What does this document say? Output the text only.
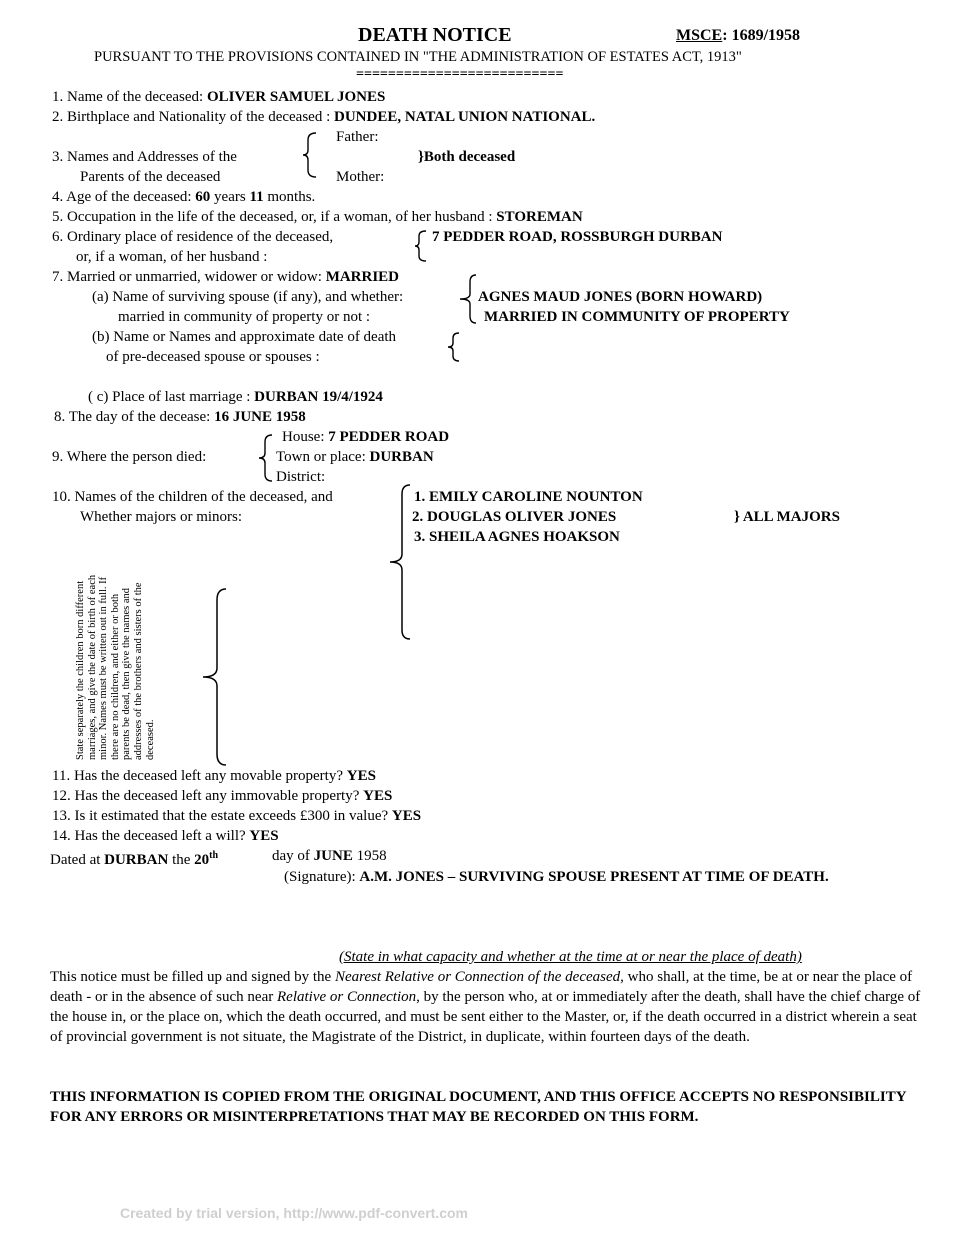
DEATH NOTICE	MSCE: 1689/1958
PURSUANT TO THE PROVISIONS CONTAINED IN "THE ADMINISTRATION OF ESTATES ACT, 1913"
==========================
1. Name of the deceased: OLIVER SAMUEL JONES
2. Birthplace and Nationality of the deceased : DUNDEE, NATAL UNION NATIONAL.
Father:
3. Names and Addresses of the	}Both deceased
Parents of the deceased	Mother:
4. Age of the deceased: 60 years 11 months.
5. Occupation in the life of the deceased, or, if a woman, of her husband : STOREMAN
6. Ordinary place of residence of the deceased,
or, if a woman, of her husband :
7 PEDDER ROAD, ROSSBURGH DURBAN
7. Married or unmarried, widower or widow: MARRIED
(a) Name of surviving spouse (if any), and whether:
married in community of property or not :
AGNES MAUD JONES (BORN HOWARD)
MARRIED IN COMMUNITY OF PROPERTY
(b) Name or Names and approximate date of death
of pre-deceased spouse or spouses :
( c) Place of last marriage : DURBAN 19/4/1924
8. The day of the decease: 16 JUNE 1958
House: 7 PEDDER ROAD
9. Where the person died:	Town or place: DURBAN
District:
10. Names of the children of the deceased, and
Whether majors or minors:
1. EMILY CAROLINE NOUNTON
2. DOUGLAS OLIVER JONES	} ALL MAJORS
3. SHEILA AGNES HOAKSON
State separately the children born different marriages, and give the date of birth of each minor. Names must be written out in full. If there are no children, and either or both parents be dead, then give the names and addresses of the brothers and sisters of the deceased.
11. Has the deceased left any movable property? YES
12. Has the deceased left any immovable property? YES
13. Is it estimated that the estate exceeds £300 in value? YES
14. Has the deceased left a will? YES
Dated at DURBAN the 20th	day of JUNE 1958
(Signature): A.M. JONES – SURVIVING SPOUSE PRESENT AT TIME OF DEATH.
(State in what capacity and whether at the time at or near the place of death)
This notice must be filled up and signed by the Nearest Relative or Connection of the deceased, who shall, at the time, be at or near the place of death - or in the absence of such near Relative or Connection, by the person who, at or immediately after the death, shall have the chief charge of the house in, or the place on, which the death occurred, and must be sent either to the Master, or, if the death occurred in a district wherein a seat of provincial government is not situate, the Magistrate of the District, in duplicate, within fourteen days of the death.
THIS INFORMATION IS COPIED FROM THE ORIGINAL DOCUMENT, AND THIS OFFICE ACCEPTS NO RESPONSIBILITY FOR ANY ERRORS OR MISINTERPRETATIONS THAT MAY BE RECORDED ON THIS FORM.
Created by trial version, http://www.pdf-convert.com
